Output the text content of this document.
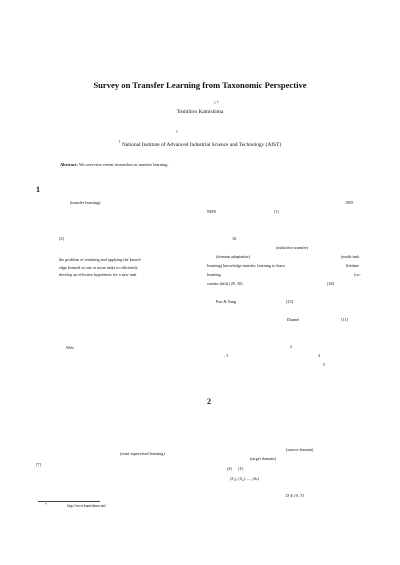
Survey on Transfer Learning from Taxonomic Perspective
1 *
Toshihiro Kamishima
1
$^1$ National Institute of Advanced Industrial Science and Technology (AIST)
Abstract: We overview resent researches in transfer learning.
1
(transfer learning)
[2]
the problem of retaining and applying the knowl-
edge learned in one or more tasks to efficiently
develop an effective hypothesis for a new task
Web
(semi-supervised learning)
[7]
*	http://www.kamishima.net/
1995
NIPS	[1]
10
(inductive transfer)
(domain adaptation)	(multi-task
learning) knowledge transfer, learning to learn	lifetime
learning	(co-
variate shift) [29, 30]	[38]
Pan & Yang	[23]
Daumé	[11]
2
, 3	4
5
2
(source domain)
(target domain)
(S)      (T)
(S₁), (S₂), …, (Sₖ)
D ∈ {S, T}
